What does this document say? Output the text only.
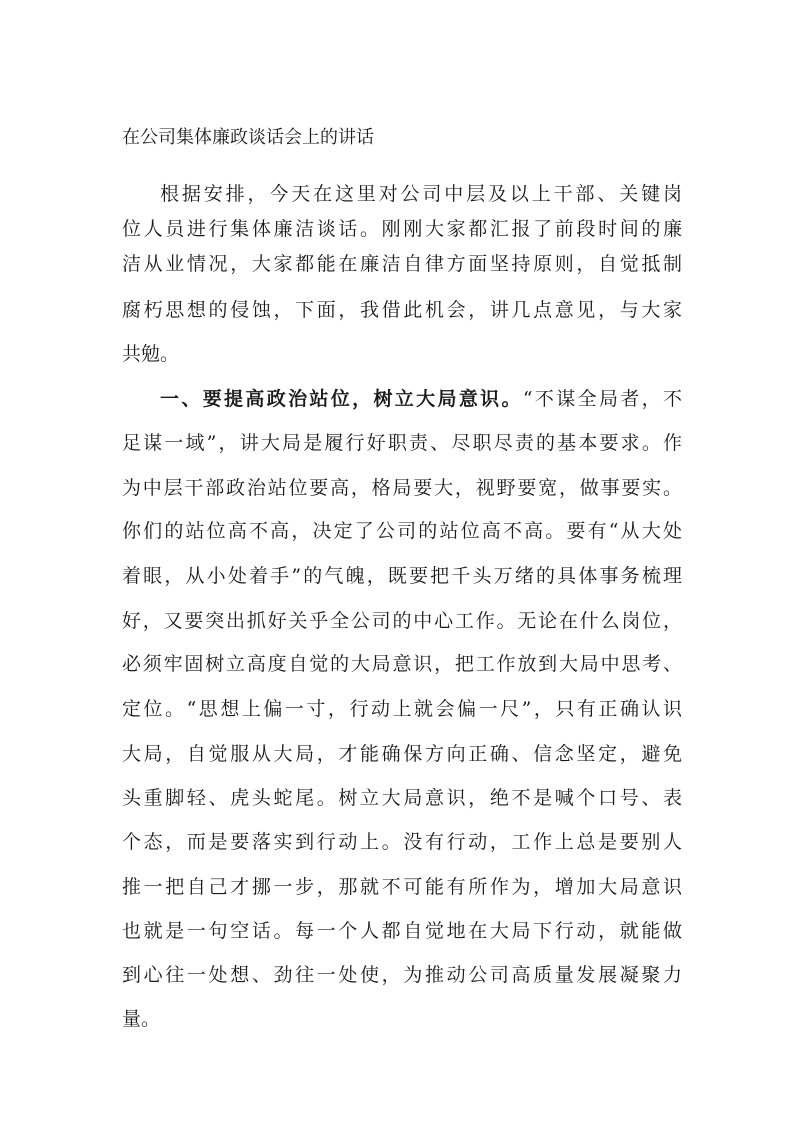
在公司集体廉政谈话会上的讲话

根据安排，今天在这里对公司中层及以上干部、关键岗

位人员进行集体廉洁谈话。刚刚大家都汇报了前段时间的廉

洁从业情况，大家都能在廉洁自律方面坚持原则，自觉抵制

腐朽思想的侵蚀，下面，我借此机会，讲几点意见，与大家

共勉。

一、要提高政治站位，树立大局意识。“不谋全局者，不

足谋一域”，讲大局是履行好职责、尽职尽责的基本要求。作

为中层干部政治站位要高，格局要大，视野要宽，做事要实。

你们的站位高不高，决定了公司的站位高不高。要有“从大处

着眼，从小处着手”的气魄，既要把千头万绪的具体事务梳理

好，又要突出抓好关乎全公司的中心工作。无论在什么岗位，

必须牢固树立高度自觉的大局意识，把工作放到大局中思考、

定位。“思想上偏一寸，行动上就会偏一尺”，只有正确认识

大局，自觉服从大局，才能确保方向正确、信念坚定，避免

头重脚轻、虎头蛇尾。树立大局意识，绝不是喊个口号、表

个态，而是要落实到行动上。没有行动，工作上总是要别人

推一把自己才挪一步，那就不可能有所作为，增加大局意识

也就是一句空话。每一个人都自觉地在大局下行动，就能做

到心往一处想、劲往一处使，为推动公司高质量发展凝聚力

量。
